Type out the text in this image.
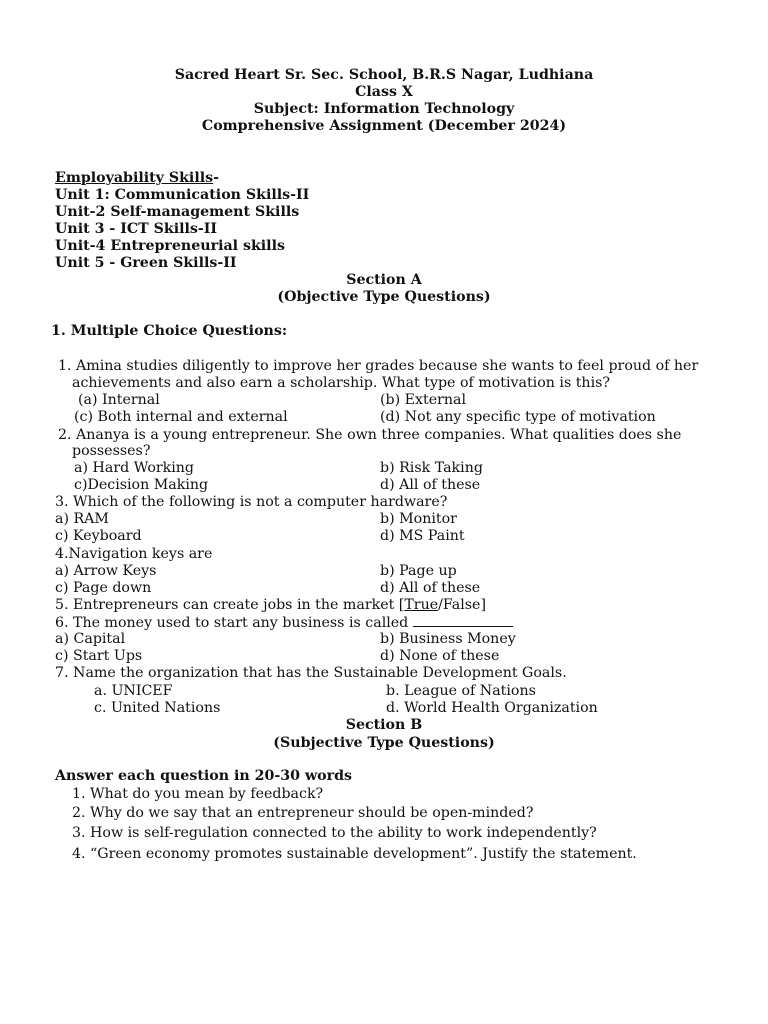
Sacred Heart Sr. Sec. School, B.R.S Nagar, Ludhiana
Class X
Subject: Information Technology
Comprehensive Assignment (December 2024)
Employability Skills-
Unit 1: Communication Skills-II
Unit-2 Self-management Skills
Unit 3 - ICT Skills-II
Unit-4 Entrepreneurial skills
Unit 5 - Green Skills-II
Section A
(Objective Type Questions)
1. Multiple Choice Questions:
1. Amina studies diligently to improve her grades because she wants to feel proud of her
achievements and also earn a scholarship. What type of motivation is this?
(a) Internal	(b) External
(c) Both internal and external	(d) Not any specific type of motivation
2. Ananya is a young entrepreneur. She own three companies. What qualities does she
possesses?
a) Hard Working	b) Risk Taking
c)Decision Making	d) All of these
3. Which of the following is not a computer hardware?
a) RAM	b) Monitor
c) Keyboard	d) MS Paint
4.Navigation keys are
a) Arrow Keys	b) Page up
c) Page down	d) All of these
5. Entrepreneurs can create jobs in the market [True/False]
6. The money used to start any business is called
a) Capital	b) Business Money
c) Start Ups	d) None of these
7. Name the organization that has the Sustainable Development Goals.
a. UNICEF	b. League of Nations
c. United Nations	d. World Health Organization
Section B
(Subjective Type Questions)
Answer each question in 20-30 words
1. What do you mean by feedback?
2. Why do we say that an entrepreneur should be open-minded?
3. How is self-regulation connected to the ability to work independently?
4. “Green economy promotes sustainable development”. Justify the statement.
